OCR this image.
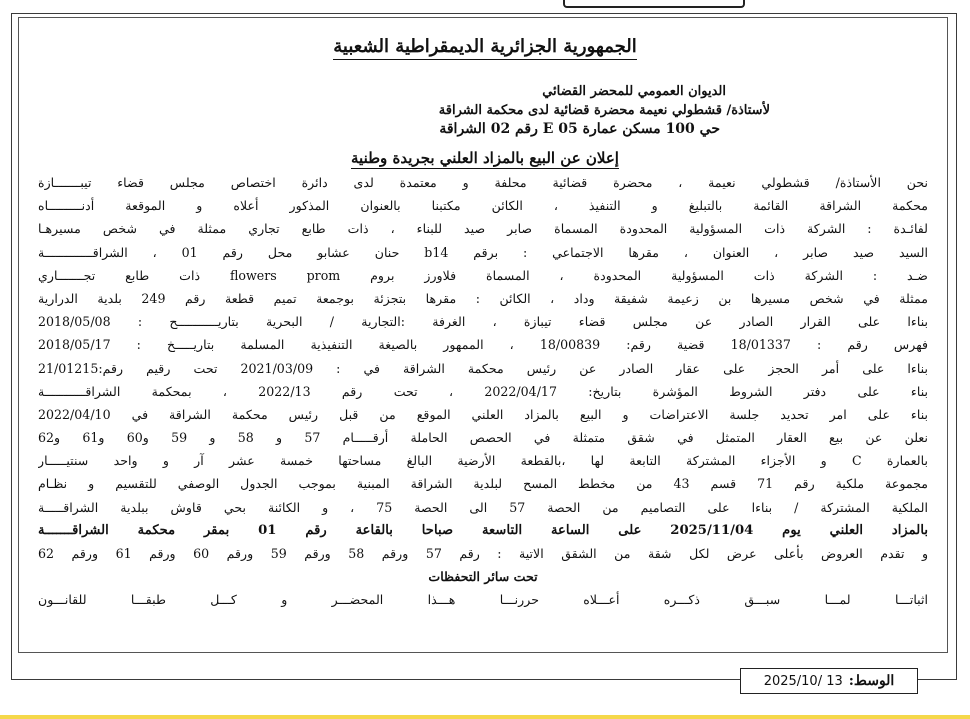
الجمهورية الجزائرية الديمقراطية الشعبية
الديوان العمومي للمحضر القضائي
لأستاذة/ قشطولي نعيمة محضرة قضائية لدى محكمة الشراقة
حي 100 مسكن عمارة E 05 رقم 02 الشراقة
إعلان عن البيع بالمزاد العلني بجريدة وطنية
نحن الأستاذة/ قشطولي نعيمة ، محضرة قضائية محلفة و معتمدة لدى دائرة اختصاص مجلس قضاء تيبـــــــازة
محكمة الشراقة القائمة بالتبليغ و التنفيذ ، الكائن مكتبنا بالعنوان المذكور أعلاه و الموقعة أدنـــــــــاه
لفائـدة : الشركة ذات المسؤولية المحدودة المسماة صابر صيد للبناء ، ذات طابع تجاري ممثلة في شخص مسيرهـا
السيد صيد صابر ، العنوان ، مقرها الاجتماعي : برقم b14 حنان عشابو محل رقم 01 ، الشراقـــــــــــــة
ضـد : الشركة ذات المسؤولية المحدودة ، المسماة فلاورز بروم flowers prom ذات طابع تجـــــــاري
ممثلة في شخص مسيرها بن زعيمة شفيقة وداد ، الكائن : مقرها بتجزئة بوجمعة تميم قطعة رقم 249 بلدية الدرارية
بناءا على القرار الصادر عن مجلس قضاء تيبازة ، الغرفة :التجارية / البحرية بتاريـــــــــــح : 2018/05/08
فهرس رقم : 18/01337 قضية رقم: 18/00839 ، الممهور بالصيغة التنفيذية المسلمة بتاريـــــخ : 2018/05/17
بناءا على أمر الحجز على عقار الصادر عن رئيس محكمة الشراقة في : 2021/03/09 تحت رقيم رقم:21/01215
بناء على دفتر الشروط المؤشرة بتاريخ: 2022/04/17 ، تحت رقم 2022/13 ، بمحكمة الشراقـــــــــــة
بناء على امر تحديد جلسة الاعتراضات و البيع بالمزاد العلني الموقع من قبل رئيس محكمة الشراقة في 2022/04/10
نعلن عن بيع العقار المتمثل في شقق متمثلة في الحصص الحاملة أرقـــــام 57 و 58 و 59 و60 و61 و62
بالعمارة C و الأجزاء المشتركة التابعة لها ،بالقطعة الأرضية البالغ مساحتها خمسة عشر آر و واحد سنتيـــــار
مجموعة ملكية رقم 71 قسم 43 من مخطط المسح لبلدية الشراقة المبنية بموجب الجدول الوصفي للتقسيم و نظـام
الملكية المشتركة / بناءا على التصاميم من الحصة 57 الى الحصة 75 ، و الكائنة بحي قاوش ببلدية الشراقـــــة
بالمزاد العلني يوم 2025/11/04 على الساعة التاسعة صباحا بالقاعة رقم 01 بمقر محكمة الشراقـــــــة
و تقدم العروض بأعلى عرض لكل شقة من الشقق الاتية : رقم 57 ورقم 58 ورقم 59 ورقم 60 ورقم 61 ورقم 62
تحت سائر التحفظات
اثباتـــا لمـــا سبـــق ذكـــره أعـــلاه حررنـــا هـــذا المحضـــر و كـــل طبقـــا للقانـــون
الوسط:
2025/10/ 13
